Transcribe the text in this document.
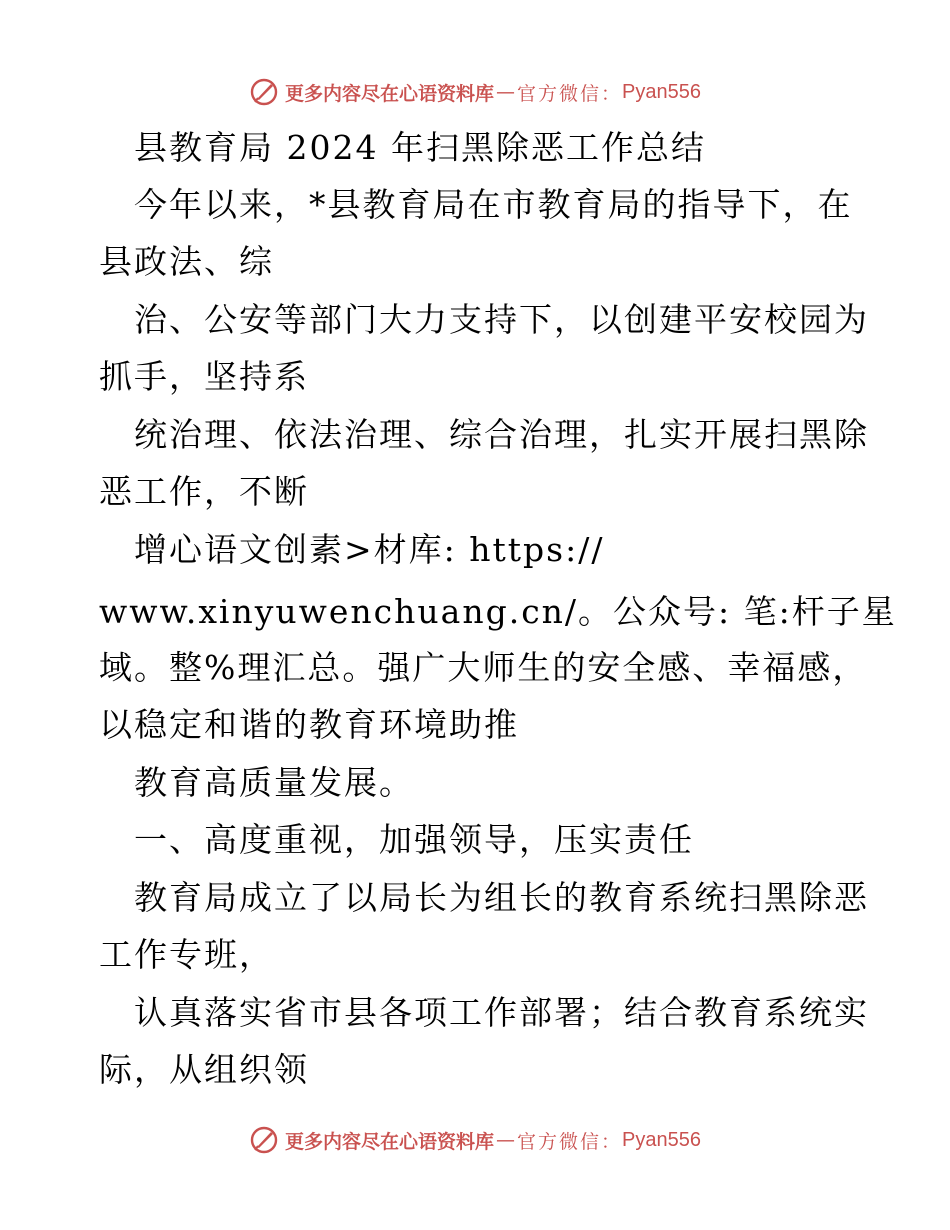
更多内容尽在心语资料库 — 官方微信： Pyan556
县教育局 2024 年扫黑除恶工作总结
今年以来，*县教育局在市教育局的指导下，在
县政法、综
治、公安等部门大力支持下，以创建平安校园为
抓手，坚持系
统治理、依法治理、综合治理，扎实开展扫黑除
恶工作，不断
增心语文创素>材库: https://
www.xinyuwenchuang.cn/。公众号: 笔:杆子星
域。整%理汇总。强广大师生的安全感、幸福感，
以稳定和谐的教育环境助推
教育高质量发展。
一、高度重视，加强领导，压实责任
教育局成立了以局长为组长的教育系统扫黑除恶
工作专班，
认真落实省市县各项工作部署；结合教育系统实
际，从组织领
更多内容尽在心语资料库 — 官方微信： Pyan556
